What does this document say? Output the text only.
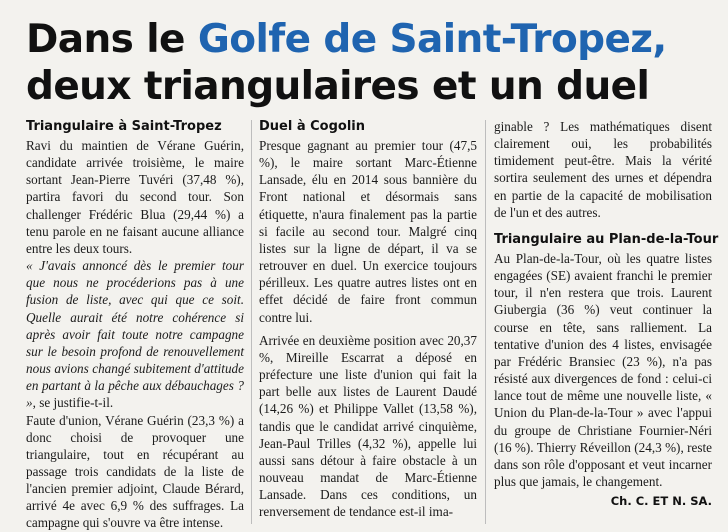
Dans le Golfe de Saint-Tropez,
deux triangulaires et un duel
Triangulaire à Saint-Tropez

Ravi du maintien de Vérane Guérin, candidate arrivée troisième, le maire sortant Jean-Pierre Tuvéri (37,48 %), partira favori du second tour. Son challenger Frédéric Blua (29,44 %) a tenu parole en ne faisant aucune alliance entre les deux tours.

« J'avais annoncé dès le premier tour que nous ne procéderions pas à une fusion de liste, avec qui que ce soit. Quelle aurait été notre cohérence si après avoir fait toute notre campagne sur le besoin profond de renouvellement nous avions changé subitement d'attitude en partant à la pêche aux débauchages ? », se justifie-t-il.

Faute d'union, Vérane Guérin (23,3 %) a donc choisi de provoquer une triangulaire, tout en récupérant au passage trois candidats de la liste de l'ancien premier adjoint, Claude Bérard, arrivé 4e avec 6,9 % des suffrages. La campagne qui s'ouvre va être intense.

Duel à Cogolin

Presque gagnant au premier tour (47,5 %), le maire sortant Marc-Étienne Lansade, élu en 2014 sous bannière du Front national et désormais sans étiquette, n'aura finalement pas la partie si facile au second tour. Malgré cinq listes sur la ligne de départ, il va se retrouver en duel. Un exercice toujours périlleux. Les quatre autres listes ont en effet décidé de faire front commun contre lui.

Arrivée en deuxième position avec 20,37 %, Mireille Escarrat a déposé en préfecture une liste d'union qui fait la part belle aux listes de Laurent Daudé (14,26 %) et Philippe Vallet (13,58 %), tandis que le candidat arrivé cinquième, Jean-Paul Trilles (4,32 %), appelle lui aussi sans détour à faire obstacle à un nouveau mandat de Marc-Étienne Lansade. Dans ces conditions, un renversement de tendance est-il ima-

ginable ? Les mathématiques disent clairement oui, les probabilités timidement peut-être. Mais la vérité sortira seulement des urnes et dépendra en partie de la capacité de mobilisation de l'un et des autres.

Triangulaire au Plan-de-la-Tour

Au Plan-de-la-Tour, où les quatre listes engagées (SE) avaient franchi le premier tour, il n'en restera que trois. Laurent Giubergia (36 %) veut continuer la course en tête, sans ralliement. La tentative d'union des 4 listes, envisagée par Frédéric Bransiec (23 %), n'a pas résisté aux divergences de fond : celui-ci lance tout de même une nouvelle liste, « Union du Plan-de-la-Tour » avec l'appui du groupe de Christiane Fournier-Néri (16 %). Thierry Réveillon (24,3 %), reste dans son rôle d'opposant et veut incarner plus que jamais, le changement.

Ch. C. ET N. SA.
